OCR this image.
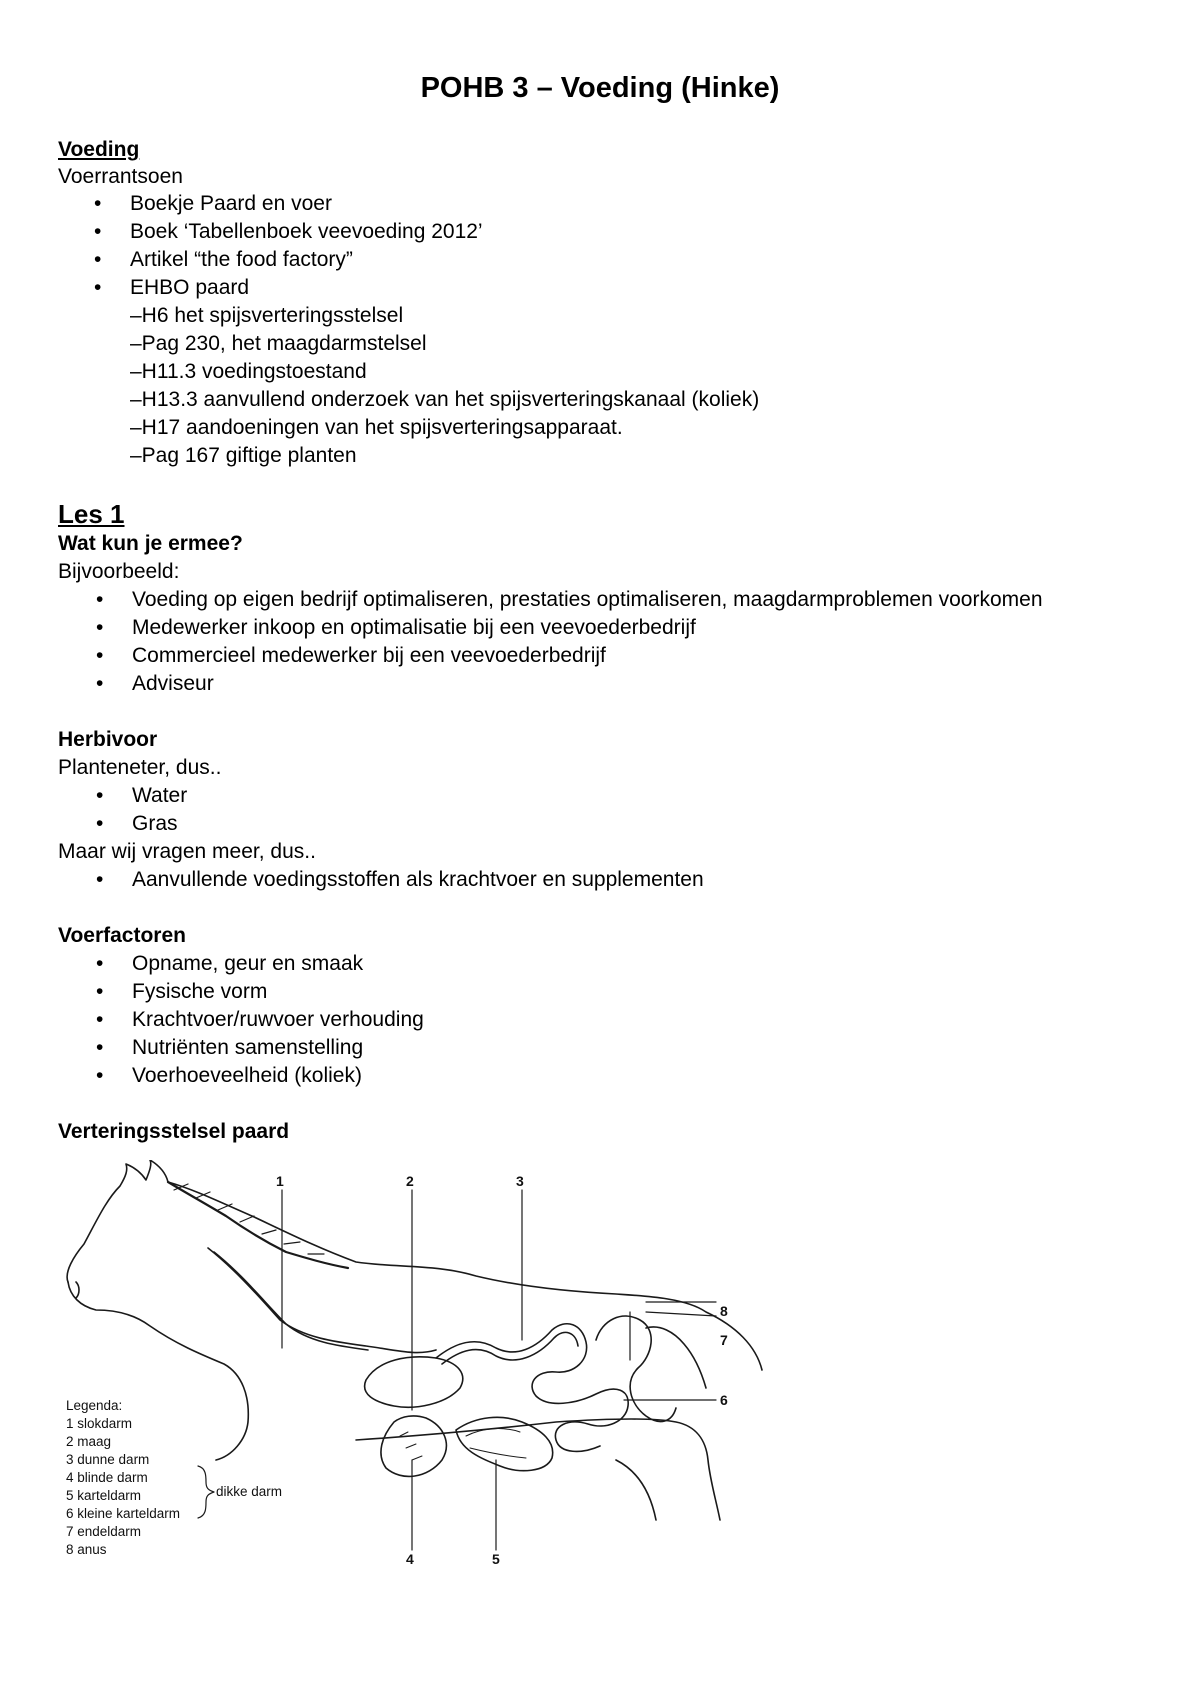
POHB 3 – Voeding (Hinke)

Voeding

Voerrantsoen

• Boekje Paard en voer
• Boek ‘Tabellenboek veevoeding 2012’
• Artikel “the food factory”
• EHBO paard
–H6 het spijsverteringsstelsel
–Pag 230, het maagdarmstelsel
–H11.3 voedingstoestand
–H13.3 aanvullend onderzoek van het spijsverteringskanaal (koliek)
–H17 aandoeningen van het spijsverteringsapparaat.
–Pag 167 giftige planten

Les 1

Wat kun je ermee?

Bijvoorbeeld:

• Voeding op eigen bedrijf optimaliseren, prestaties optimaliseren, maagdarmproblemen voorkomen
• Medewerker inkoop en optimalisatie bij een veevoederbedrijf
• Commercieel medewerker bij een veevoederbedrijf
• Adviseur

Herbivoor

Planteneter, dus..

• Water
• Gras

Maar wij vragen meer, dus..

• Aanvullende voedingsstoffen als krachtvoer en supplementen

Voerfactoren

• Opname, geur en smaak
• Fysische vorm
• Krachtvoer/ruwvoer verhouding
• Nutriënten samenstelling
• Voerhoeveelheid (koliek)

Verteringsstelsel paard

1	2	3
4	5
6
7
8
Legenda:
1 slokdarm
2 maag
3 dunne darm
4 blinde darm
5 karteldarm
6 kleine karteldarm
7 endeldarm
8 anus
dikke darm
